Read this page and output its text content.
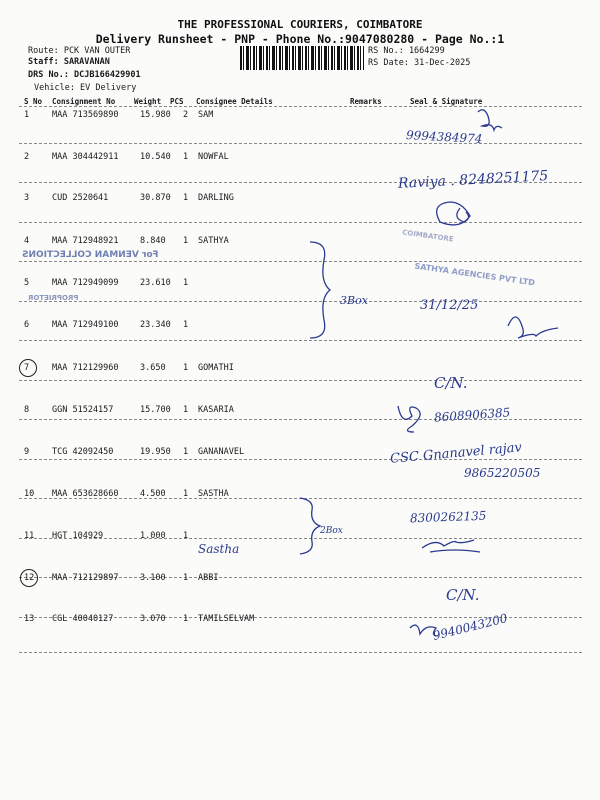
THE PROFESSIONAL COURIERS, COIMBATORE
Delivery Runsheet - PNP - Phone No.:9047080280 - Page No.:1
Route: PCK VAN OUTER
Staff: SARAVANAN
DRS No.: DCJB166429901
Vehicle: EV Delivery
RS No.: 1664299
RS Date: 31-Dec-2025
S No Consignment No	Weight PCS Consignee Details	Remarks	Seal & Signature
1	MAA 713569890	15.980 2 SAM
2	MAA 304442911	10.540 1 NOWFAL
3	CUD 2520641	30.870 1 DARLING
4	MAA 712948921	8.840 1 SATHYA
5	MAA 712949099	23.610 1
6	MAA 712949100	23.340 1
7	MAA 712129960	3.650 1 GOMATHI
8	GGN 51524157	15.700 1 KASARIA
9	TCG 42092450	19.950 1 GANANAVEL
10 MAA 653628660	4.500 1 SASTHA
11 HGT 104929	1.000 1
12 MAA 712129897	3.100 1 ABBI
13 CGL 40040127	3.070 1 TAMILSELVAM
For VENMAN COLLECTIONS
PROPRIETOR
SATHYA AGENCIES PVT LTD
COIMBATORE
9994384974
Raviya . 8248251175
3Box	31/12/25
C/N.
8608906385
CSC Gnanavel rajav
9865220505
8300262135
2Box
Sastha
C/N.
9940043200
